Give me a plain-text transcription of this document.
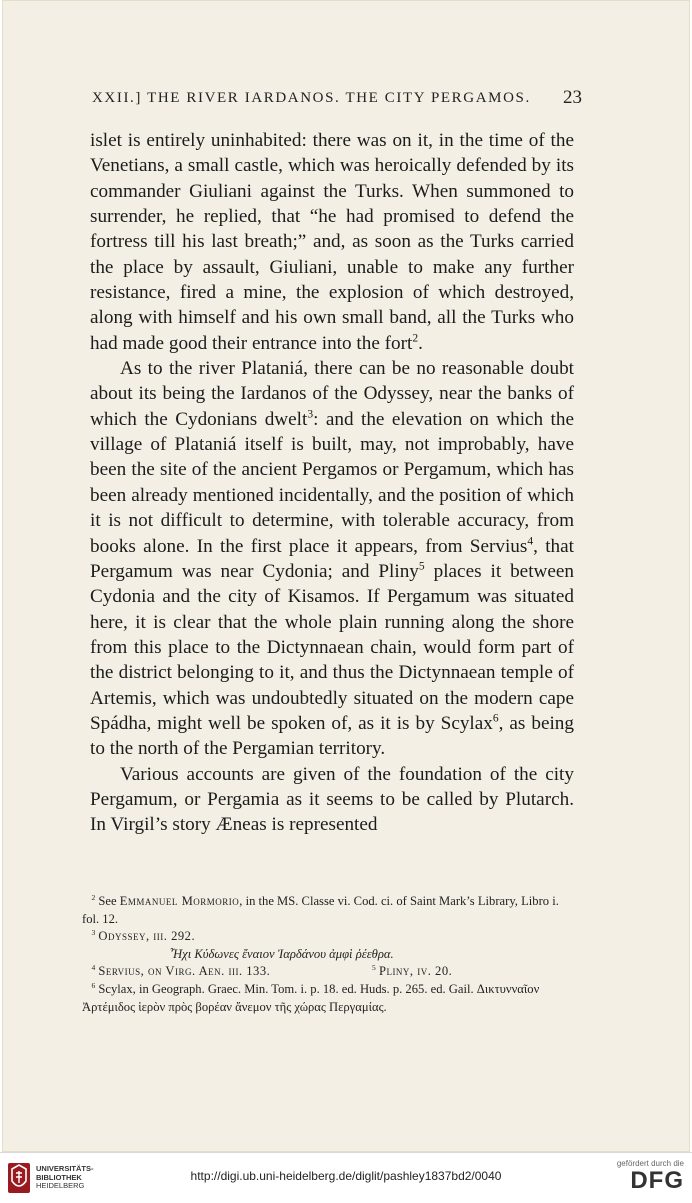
XXII.] THE RIVER IARDANOS. THE CITY PERGAMOS. 23

islet is entirely uninhabited: there was on it, in the time of the Venetians, a small castle, which was heroically defended by its commander Giuliani against the Turks. When summoned to surrender, he replied, that “he had promised to defend the fortress till his last breath;” and, as soon as the Turks carried the place by assault, Giuliani, unable to make any further resistance, fired a mine, the explosion of which destroyed, along with himself and his own small band, all the Turks who had made good their entrance into the fort$^2$.

As to the river Plataniá, there can be no reasonable doubt about its being the Iardanos of the Odyssey, near the banks of which the Cydonians dwelt$^3$: and the elevation on which the village of Plataniá itself is built, may, not improbably, have been the site of the ancient Pergamos or Pergamum, which has been already mentioned incidentally, and the position of which it is not difficult to determine, with tolerable accuracy, from books alone. In the first place it appears, from Servius$^4$, that Pergamum was near Cydonia; and Pliny$^5$ places it between Cydonia and the city of Kisamos. If Pergamum was situated here, it is clear that the whole plain running along the shore from this place to the Dictynnaean chain, would form part of the district belonging to it, and thus the Dictynnaean temple of Artemis, which was undoubtedly situated on the modern cape Spádha, might well be spoken of, as it is by Scylax$^6$, as being to the north of the Pergamian territory.

Various accounts are given of the foundation of the city Pergamum, or Pergamia as it seems to be called by Plutarch. In Virgil’s story Æneas is represented

$^2$ See Emmanuel Mormorio, in the MS. Classe vi. Cod. ci. of Saint Mark’s Library, Libro i. fol. 12.
$^3$ Odyssey, iii. 292.
Ἦχι Κύδωνες ἔναιον Ἰαρδάνου ἀμφὶ ῥέεθρα.
$^4$ Servius, on Virg. Aen. iii. 133.	$^5$ Pliny, iv. 20.
$^6$ Scylax, in Geograph. Graec. Min. Tom. i. p. 18. ed. Huds. p. 265. ed. Gail. Δικτυνναῖον Ἀρτέμιδος ἱερὸν πρὸς βορέαν ἄνεμον τῆς χώρας Περγαμίας.
UNIVERSITÄTS-
BIBLIOTHEK
HEIDELBERG
http://digi.ub.uni-heidelberg.de/diglit/pashley1837bd2/0040
gefördert durch die
DFG
